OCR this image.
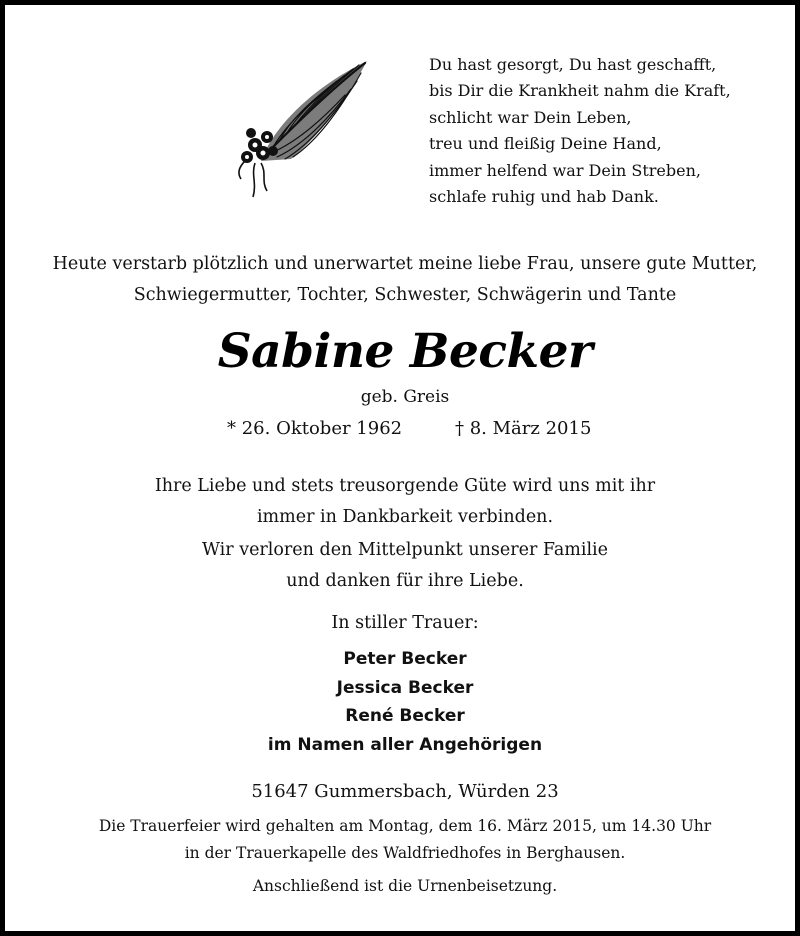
Du hast gesorgt, Du hast geschafft,
bis Dir die Krankheit nahm die Kraft,
schlicht war Dein Leben,
treu und fleißig Deine Hand,
immer helfend war Dein Streben,
schlafe ruhig und hab Dank.
Heute verstarb plötzlich und unerwartet meine liebe Frau, unsere gute Mutter,
Schwiegermutter, Tochter, Schwester, Schwägerin und Tante
Sabine Becker
geb. Greis
* 26. Oktober 1962	† 8. März 2015
Ihre Liebe und stets treusorgende Güte wird uns mit ihr
immer in Dankbarkeit verbinden.
Wir verloren den Mittelpunkt unserer Familie
und danken für ihre Liebe.
In stiller Trauer:
Peter Becker
Jessica Becker
René Becker
im Namen aller Angehörigen
51647 Gummersbach, Würden 23
Die Trauerfeier wird gehalten am Montag, dem 16. März 2015, um 14.30 Uhr
in der Trauerkapelle des Waldfriedhofes in Berghausen.
Anschließend ist die Urnenbeisetzung.
